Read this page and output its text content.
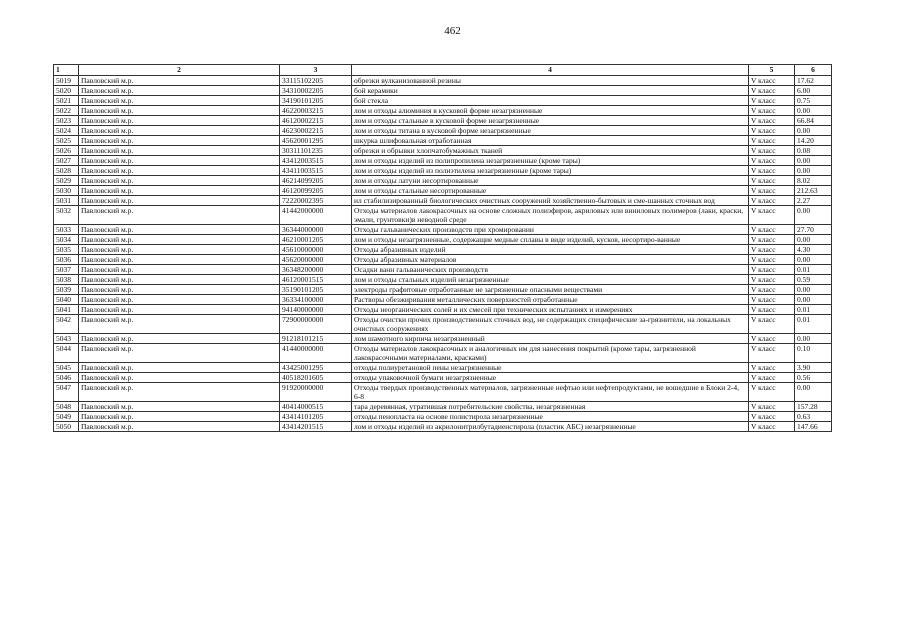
462
1	2	3	4	5	6
5019	Павловский м.р.	33115102205	обрезки вулканизованной резины	V класс	17.62
5020	Павловский м.р.	34310002205	бой керамики	V класс	6.00
5021	Павловский м.р.	34190101205	бой стекла	V класс	0.75
5022	Павловский м.р.	46220003215	лом и отходы алюминия в кусковой форме незагрязненные	V класс	0.00
5023	Павловский м.р.	46120002215	лом и отходы стальные в кусковой форме незагрязненные	V класс	66.84
5024	Павловский м.р.	46230002215	лом и отходы титана в кусковой форме незагрязненные	V класс	0.00
5025	Павловский м.р.	45620001295	шкурка шлифовальная отработанная	V класс	14.20
5026	Павловский м.р.	30311101235	обрезки и обрывки хлопчатобумажных тканей	V класс	0.08
5027	Павловский м.р.	43412003515	лом и отходы изделий из полипропилена незагрязненные (кроме тары)	V класс	0.00
5028	Павловский м.р.	43411003515	лом и отходы изделий из полиэтилена незагрязненные (кроме тары)	V класс	0.00
5029	Павловский м.р.	46214099205	лом и отходы латуни несортированные	V класс	8.02
5030	Павловский м.р.	46120099205	лом и отходы стальные несортированные	V класс	212.63
5031	Павловский м.р.	72220002395	ил стабилизированный биологических очистных сооружений хозяйственно-бытовых и сме-шанных сточных вод	V класс	2.27
5032	Павловский м.р.	41442000000	Отходы материалов лакокрасочных на основе сложных полиэфиров, акриловых или виниловых полимеров (лаки, краски, эмали, грунтовки)в неводной среде	V класс	0.00
5033	Павловский м.р.	36344000000	Отходы гальванических производств при хромировании	V класс	27.70
5034	Павловский м.р.	46210001205	лом и отходы незагрязненные, содержащие медные сплавы в виде изделий, кусков, несортиро-ванные	V класс	0.00
5035	Павловский м.р.	45610000000	Отходы абразивных изделий	V класс	4.30
5036	Павловский м.р.	45620000000	Отходы абразивных материалов	V класс	0.00
5037	Павловский м.р.	36348200000	Осадки ванн гальванических производств	V класс	0.01
5038	Павловский м.р.	46120001515	лом и отходы стальных изделий незагрязненные	V класс	0.59
5039	Павловский м.р.	35190101205	электроды графитовые отработанные не загрязненные опасными веществами	V класс	0.00
5040	Павловский м.р.	36334100000	Растворы обезжиривания металлических поверхностей отработанные	V класс	0.00
5041	Павловский м.р.	94140000000	Отходы неорганических солей и их смесей при технических испытаниях и измерениях	V класс	0.01
5042	Павловский м.р.	72900000000	Отходы очистки прочих производственных сточных вод, не содержащих специфические за-грязнители, на локальных очистных сооружениях	V класс	0.01
5043	Павловский м.р.	91218101215	лом шамотного кирпича незагрязненный	V класс	0.00
5044	Павловский м.р.	41440000000	Отходы материалов лакокрасочных и аналогичных им для нанесения покрытий (кроме тары, загрязненной лакокрасочными материалами, красками)	V класс	0.10
5045	Павловский м.р.	43425001295	отходы полиуретановой пены незагрязненные	V класс	3.90
5046	Павловский м.р.	40518201605	отходы упаковочной бумаги незагрязненные	V класс	0.56
5047	Павловский м.р.	91920000000	Отходы твердых производственных материалов, загрязненные нефтью или нефтепродуктами, не вошедшие в Блоки 2-4, 6-8	V класс	0.00
5048	Павловский м.р.	40414000515	тара деревянная, утратившая потребительские свойства, незагрязненная	V класс	157.28
5049	Павловский м.р.	43414101205	отходы пенопласта на основе полистирола незагрязненные	V класс	0.63
5050	Павловский м.р.	43414201515	лом и отходы изделий из акрилонитрилбутадиенстирола (пластик АБС) незагрязненные	V класс	147.66
